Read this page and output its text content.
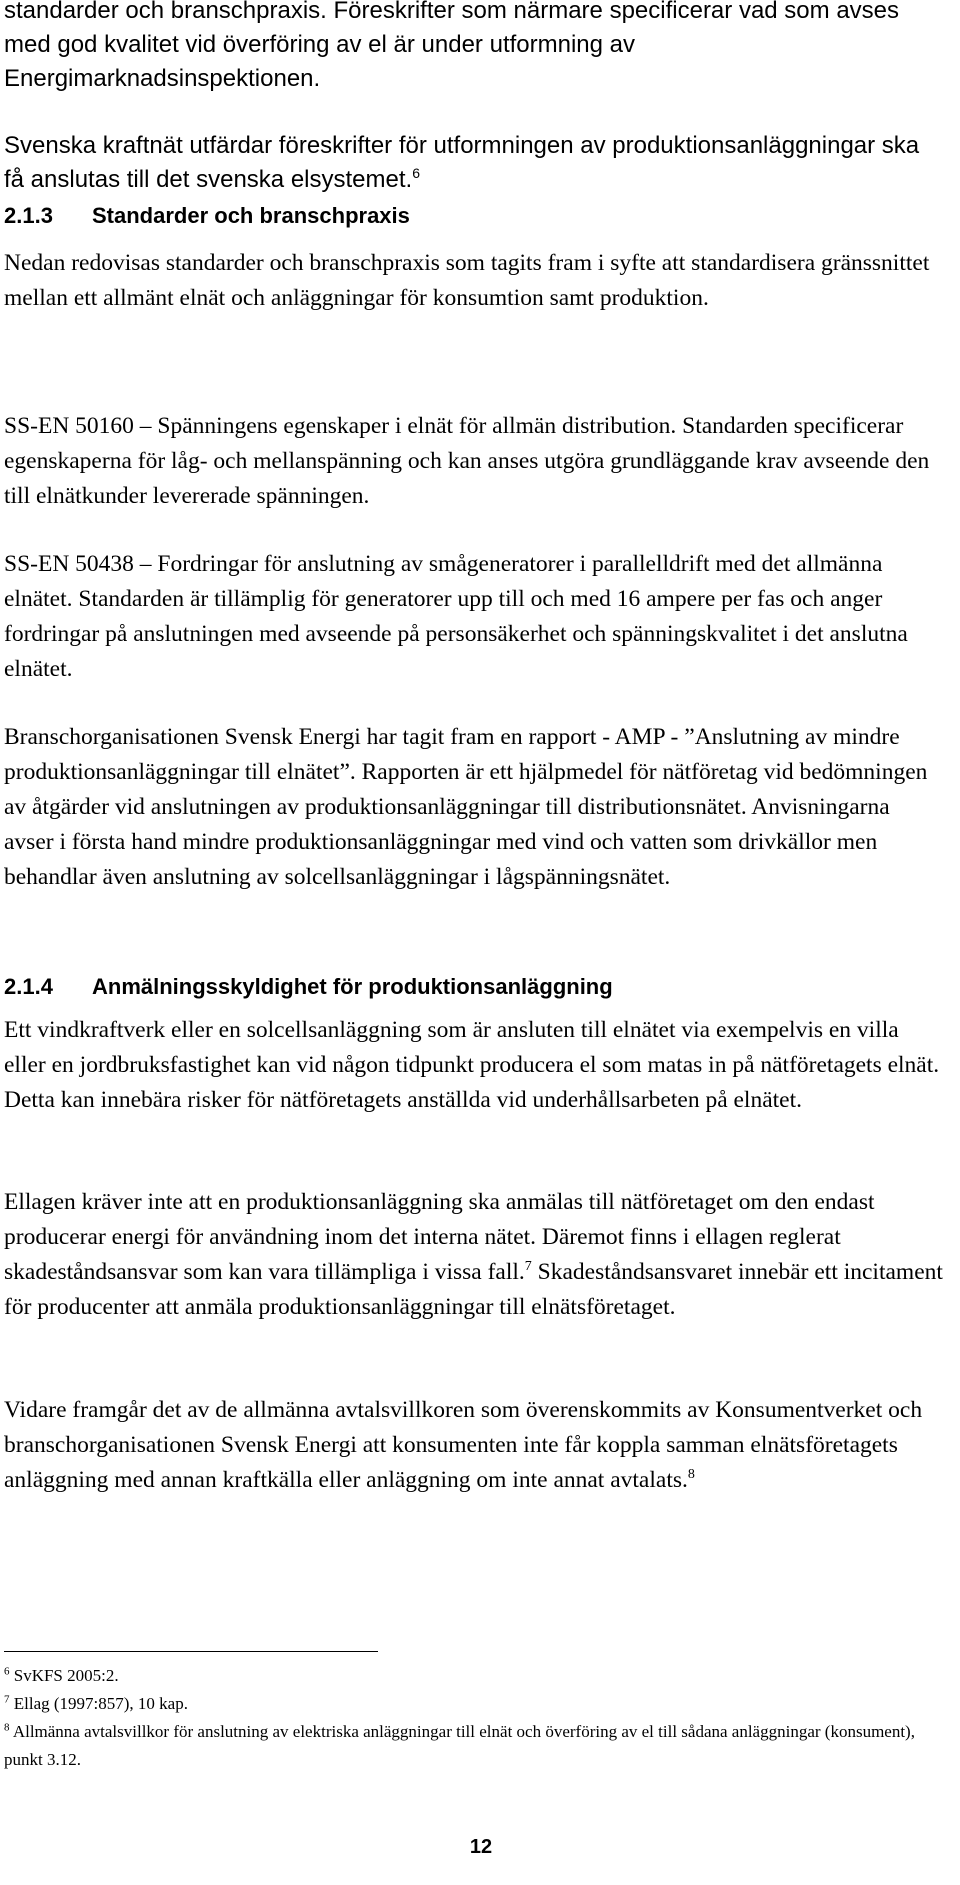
standarder och branschpraxis. Föreskrifter som närmare specificerar vad som avses med god kvalitet vid överföring av el är under utformning av Energimarknadsinspektionen.

Svenska kraftnät utfärdar föreskrifter för utformningen av produktionsanläggningar ska få anslutas till det svenska elsystemet.$^6$

2.1.3 Standarder och branschpraxis

Nedan redovisas standarder och branschpraxis som tagits fram i syfte att standardisera gränssnittet mellan ett allmänt elnät och anläggningar för konsumtion samt produktion.

SS-EN 50160 – Spänningens egenskaper i elnät för allmän distribution. Standarden specificerar egenskaperna för låg- och mellanspänning och kan anses utgöra grundläggande krav avseende den till elnätkunder levererade spänningen.

SS-EN 50438 – Fordringar för anslutning av smågeneratorer i parallelldrift med det allmänna elnätet. Standarden är tillämplig för generatorer upp till och med 16 ampere per fas och anger fordringar på anslutningen med avseende på personsäkerhet och spänningskvalitet i det anslutna elnätet.

Branschorganisationen Svensk Energi har tagit fram en rapport - AMP - ”Anslutning av mindre produktionsanläggningar till elnätet”. Rapporten är ett hjälpmedel för nätföretag vid bedömningen av åtgärder vid anslutningen av produktionsanläggningar till distributionsnätet. Anvisningarna avser i första hand mindre produktionsanläggningar med vind och vatten som drivkällor men behandlar även anslutning av solcellsanläggningar i lågspänningsnätet.

2.1.4 Anmälningsskyldighet för produktionsanläggning

Ett vindkraftverk eller en solcellsanläggning som är ansluten till elnätet via exempelvis en villa eller en jordbruksfastighet kan vid någon tidpunkt producera el som matas in på nätföretagets elnät. Detta kan innebära risker för nätföretagets anställda vid underhållsarbeten på elnätet.

Ellagen kräver inte att en produktionsanläggning ska anmälas till nätföretaget om den endast producerar energi för användning inom det interna nätet. Däremot finns i ellagen reglerat skadeståndsansvar som kan vara tillämpliga i vissa fall.$^7$ Skadeståndsansvaret innebär ett incitament för producenter att anmäla produktionsanläggningar till elnätsföretaget.

Vidare framgår det av de allmänna avtalsvillkoren som överenskommits av Konsumentverket och branschorganisationen Svensk Energi att konsumenten inte får koppla samman elnätsföretagets anläggning med annan kraftkälla eller anläggning om inte annat avtalats.$^8$

$^6$ SvKFS 2005:2.

$^7$ Ellag (1997:857), 10 kap.

$^8$ Allmänna avtalsvillkor för anslutning av elektriska anläggningar till elnät och överföring av el till sådana anläggningar (konsument), punkt 3.12.

12
